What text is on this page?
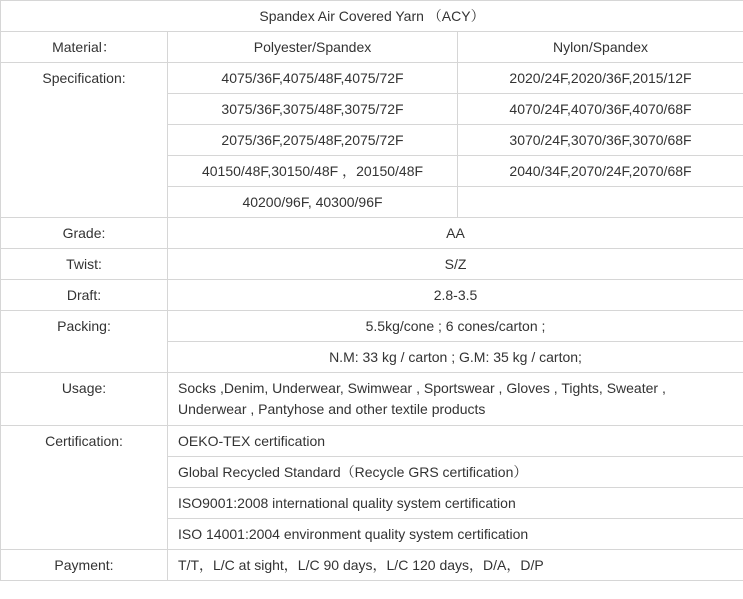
Spandex Air Covered Yarn （ACY）		
Material：	Polyester/Spandex	Nylon/Spandex
Specification:	4075/36F,4075/48F,4075/72F	2020/24F,2020/36F,2015/12F
	3075/36F,3075/48F,3075/72F	4070/24F,4070/36F,4070/68F
	2075/36F,2075/48F,2075/72F	3070/24F,3070/36F,3070/68F
	40150/48F,30150/48F ，20150/48F	2040/34F,2070/24F,2070/68F
	40200/96F, 40300/96F	
Grade:	AA	
Twist:	S/Z	
Draft:	2.8-3.5	
Packing:	5.5kg/cone ; 6 cones/carton ;	
	N.M: 33 kg / carton ; G.M: 35 kg / carton;	
Usage:	Socks ,Denim, Underwear, Swimwear , Sportswear , Gloves , Tights, Sweater , Underwear , Pantyhose and other textile products	
Certification:	OEKO-TEX certification	
	Global Recycled Standard（Recycle GRS certification）	
	ISO9001:2008 international quality system certification	
	ISO 14001:2004 environment quality system certification	
Payment:	T/T，L/C at sight，L/C 90 days，L/C 120 days，D/A，D/P	
